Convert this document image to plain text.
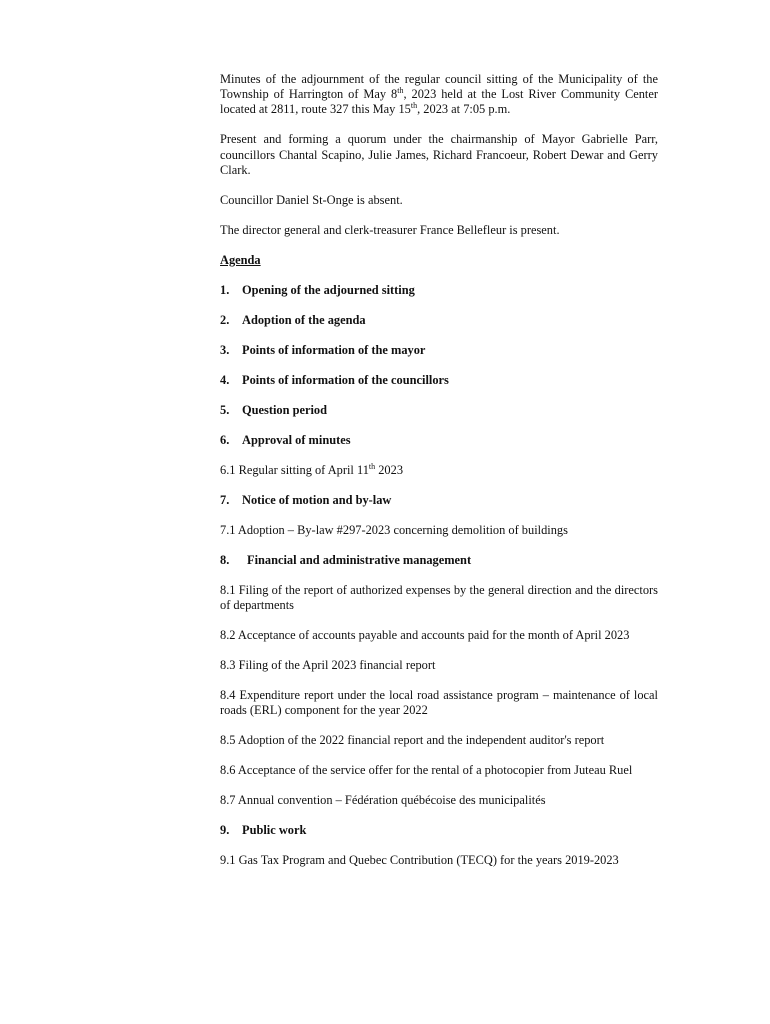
Minutes of the adjournment of the regular council sitting of the Municipality of the Township of Harrington of May 8th, 2023 held at the Lost River Community Center located at 2811, route 327 this May 15th, 2023 at 7:05 p.m.

Present and forming a quorum under the chairmanship of Mayor Gabrielle Parr, councillors Chantal Scapino, Julie James, Richard Francoeur, Robert Dewar and Gerry Clark.

Councillor Daniel St-Onge is absent.

The director general and clerk-treasurer France Bellefleur is present.

Agenda

1.	Opening of the adjourned sitting
2.	Adoption of the agenda
3.	Points of information of the mayor
4.	Points of information of the councillors
5.	Question period
6.	Approval of minutes

6.1 Regular sitting of April 11th 2023

7.	Notice of motion and by-law

7.1 Adoption – By-law #297-2023 concerning demolition of buildings

8.	Financial and administrative management

8.1 Filing of the report of authorized expenses by the general direction and the directors of departments

8.2 Acceptance of accounts payable and accounts paid for the month of April 2023

8.3 Filing of the April 2023 financial report

8.4 Expenditure report under the local road assistance program – maintenance of local roads (ERL) component for the year 2022

8.5 Adoption of the 2022 financial report and the independent auditor's report

8.6 Acceptance of the service offer for the rental of a photocopier from Juteau Ruel

8.7 Annual convention – Fédération québécoise des municipalités

9.	Public work

9.1 Gas Tax Program and Quebec Contribution (TECQ) for the years 2019-2023
